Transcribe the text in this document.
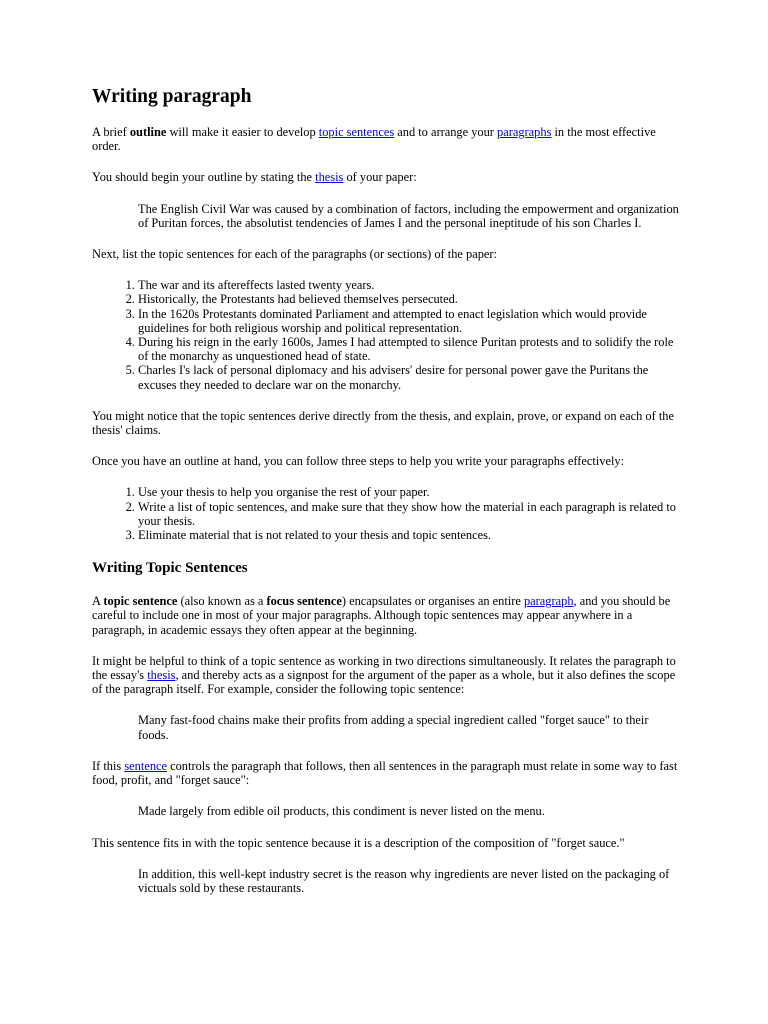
Writing paragraph

A brief outline will make it easier to develop topic sentences and to arrange your paragraphs in the most effective order.

You should begin your outline by stating the thesis of your paper:

The English Civil War was caused by a combination of factors, including the empowerment and organization of Puritan forces, the absolutist tendencies of James I and the personal ineptitude of his son Charles I.

Next, list the topic sentences for each of the paragraphs (or sections) of the paper:

1. The war and its aftereffects lasted twenty years.
2. Historically, the Protestants had believed themselves persecuted.
3. In the 1620s Protestants dominated Parliament and attempted to enact legislation which would provide guidelines for both religious worship and political representation.
4. During his reign in the early 1600s, James I had attempted to silence Puritan protests and to solidify the role of the monarchy as unquestioned head of state.
5. Charles I's lack of personal diplomacy and his advisers' desire for personal power gave the Puritans the excuses they needed to declare war on the monarchy.

You might notice that the topic sentences derive directly from the thesis, and explain, prove, or expand on each of the thesis' claims.

Once you have an outline at hand, you can follow three steps to help you write your paragraphs effectively:

1. Use your thesis to help you organise the rest of your paper.
2. Write a list of topic sentences, and make sure that they show how the material in each paragraph is related to your thesis.
3. Eliminate material that is not related to your thesis and topic sentences.
Writing Topic Sentences

A topic sentence (also known as a focus sentence) encapsulates or organises an entire paragraph, and you should be careful to include one in most of your major paragraphs. Although topic sentences may appear anywhere in a paragraph, in academic essays they often appear at the beginning.

It might be helpful to think of a topic sentence as working in two directions simultaneously. It relates the paragraph to the essay's thesis, and thereby acts as a signpost for the argument of the paper as a whole, but it also defines the scope of the paragraph itself. For example, consider the following topic sentence:

Many fast-food chains make their profits from adding a special ingredient called "forget sauce" to their foods.

If this sentence controls the paragraph that follows, then all sentences in the paragraph must relate in some way to fast food, profit, and "forget sauce":

Made largely from edible oil products, this condiment is never listed on the menu.

This sentence fits in with the topic sentence because it is a description of the composition of "forget sauce."

In addition, this well-kept industry secret is the reason why ingredients are never listed on the packaging of victuals sold by these restaurants.
